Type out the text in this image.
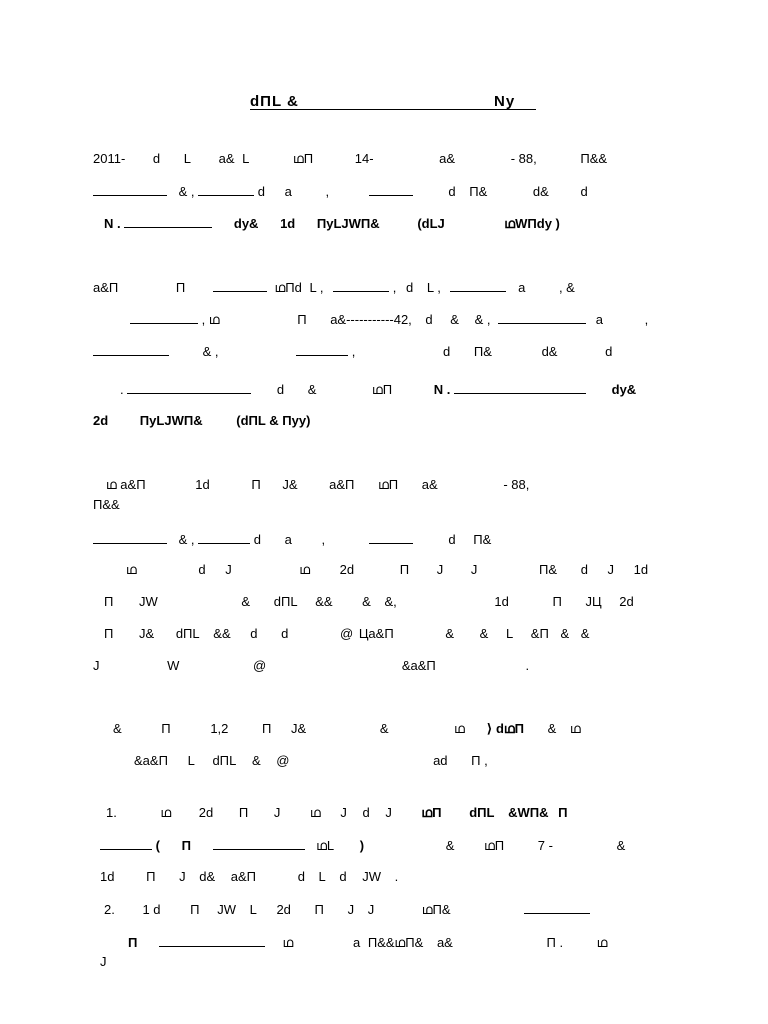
dΠL &	Ny
2011- d L a& L	ഥΠ	14-	a&	- 88,	Π&&
& ,	d a	,	d Π&	d& d
N .	dy& 1d ΠyLJWΠ&	(dLJ	ഥWΠdy )
a&Π	Π	ഥΠd L ,	, d L ,	a	, &
, ഥ	Π a&-----------42, d & & ,	a	,
& ,	,	d Π&	d&	d
.	d &	ഥΠ	N .	dy&
2d ΠyLJWΠ&	(dΠL & Πyy)
ഥ a&Π	1d	Π J& a&Π ഥΠ a&	- 88,
Π&&
& ,	d a ,	d Π&
ഥ	d J	ഥ 2d	Π J J	Π& d J 1d
Π JW	& dΠL && & &,	1d	Π JЦ 2d
Π J& dΠL && d d	@ Цa&Π	& & L &Π & &
J	W	@	&a&Π	.
&	Π	1,2	Π J&	&	ഥ ⟩ dഥΠ & ഥ
&a&Π L dΠL & @	ad Π ,
1.	ഥ 2d Π J ഥ J d J ഥΠ dΠL &WΠ& Π
( Π	ഥL )	& ഥΠ	7 -	&
1d Π J d& a&Π	d L d JW .
2. 1 d Π JW L 2d Π J J	ഥΠ&
Π	ഥ	a Π&&ഥΠ& a&	Π .	ഥ
J
